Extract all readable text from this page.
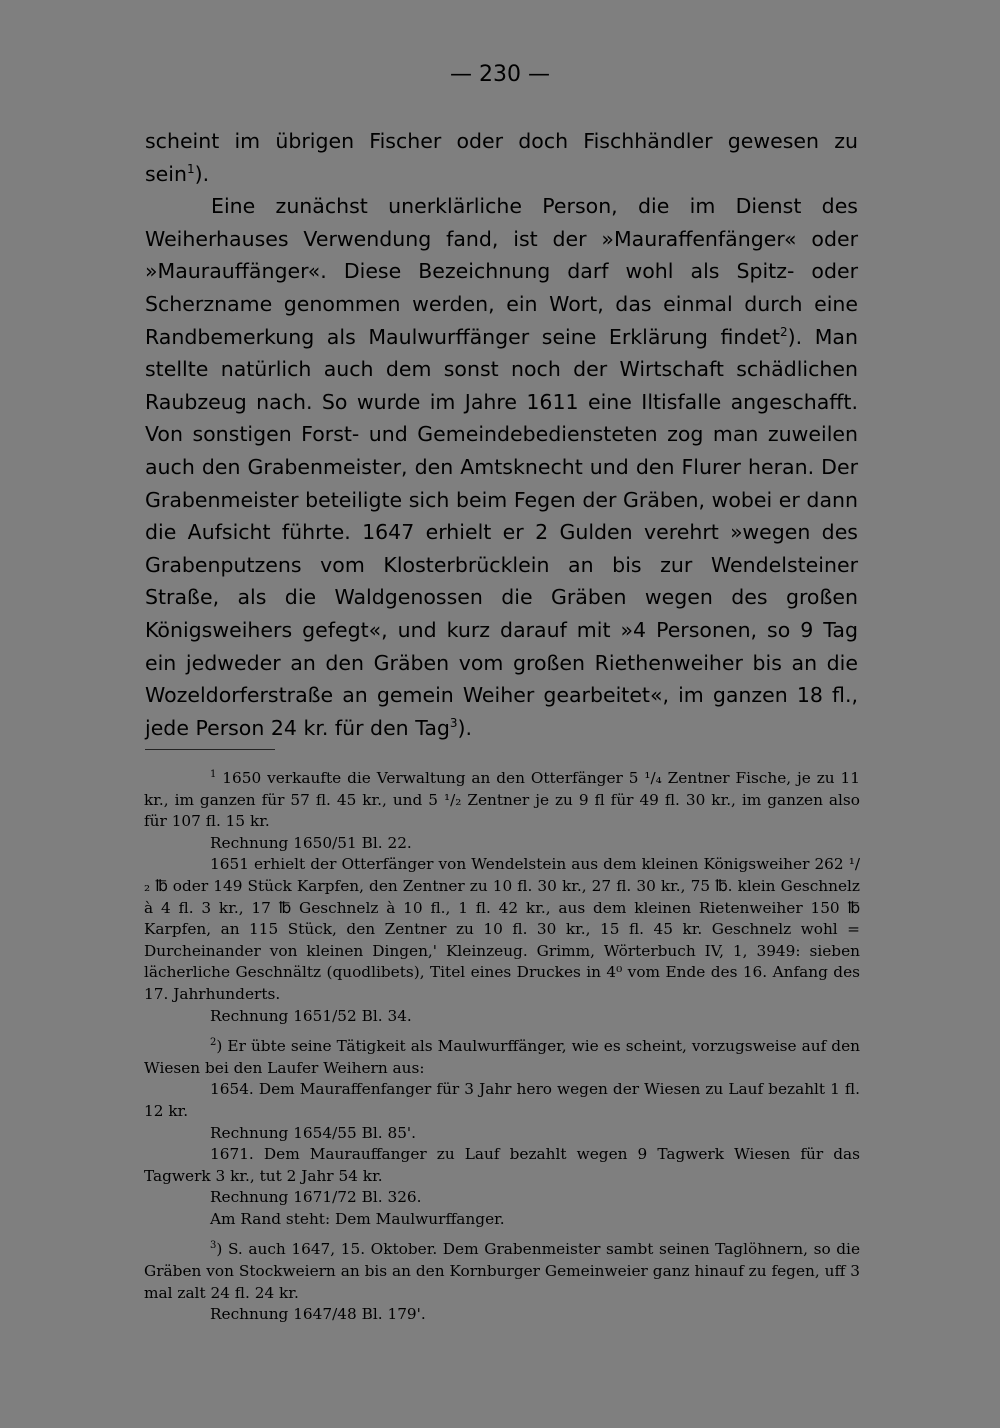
— 230 —

scheint im übrigen Fischer oder doch Fischhändler gewesen zu sein$^1$).

Eine zunächst unerklärliche Person, die im Dienst des Weiherhauses Verwendung fand, ist der »Mauraffenfänger« oder »Maurauffänger«. Diese Bezeichnung darf wohl als Spitz- oder Scherzname genommen werden, ein Wort, das einmal durch eine Randbemerkung als Maulwurffänger seine Erklärung findet$^2$). Man stellte natürlich auch dem sonst noch der Wirtschaft schädlichen Raubzeug nach. So wurde im Jahre 1611 eine Iltisfalle angeschafft. Von sonstigen Forst- und Gemeindebediensteten zog man zuweilen auch den Grabenmeister, den Amtsknecht und den Flurer heran. Der Grabenmeister beteiligte sich beim Fegen der Gräben, wobei er dann die Aufsicht führte. 1647 erhielt er 2 Gulden verehrt »wegen des Grabenputzens vom Klosterbrücklein an bis zur Wendelsteiner Straße, als die Waldgenossen die Gräben wegen des großen Königsweihers gefegt«, und kurz darauf mit »4 Personen, so 9 Tag ein jedweder an den Gräben vom großen Riethenweiher bis an die Wozeldorferstraße an gemein Weiher gearbeitet«, im ganzen 18 fl., jede Person 24 kr. für den Tag$^3$).

$^1$ 1650 verkaufte die Verwaltung an den Otterfänger 5 ¹/₄ Zentner Fische, je zu 11 kr., im ganzen für 57 fl. 45 kr., und 5 ¹/₂ Zentner je zu 9 fl für 49 fl. 30 kr., im ganzen also für 107 fl. 15 kr.

Rechnung 1650/51 Bl. 22.

1651 erhielt der Otterfänger von Wendelstein aus dem kleinen Königsweiher 262 ¹/₂ ℔ oder 149 Stück Karpfen, den Zentner zu 10 fl. 30 kr., 27 fl. 30 kr., 75 ℔. klein Geschnelz à 4 fl. 3 kr., 17 ℔ Geschnelz à 10 fl., 1 fl. 42 kr., aus dem kleinen Rietenweiher 150 ℔ Karpfen, an 115 Stück, den Zentner zu 10 fl. 30 kr., 15 fl. 45 kr. Geschnelz wohl = Durcheinander von kleinen Dingen,' Kleinzeug. Grimm, Wörterbuch IV, 1, 3949: sieben lächerliche Geschnältz (quodlibets), Titel eines Druckes in 4⁰ vom Ende des 16. Anfang des 17. Jahrhunderts.

Rechnung 1651/52 Bl. 34.

$^2$) Er übte seine Tätigkeit als Maulwurffänger, wie es scheint, vorzugsweise auf den Wiesen bei den Laufer Weihern aus:

1654. Dem Mauraffenfanger für 3 Jahr hero wegen der Wiesen zu Lauf bezahlt 1 fl. 12 kr.

Rechnung 1654/55 Bl. 85'.

1671. Dem Maurauffanger zu Lauf bezahlt wegen 9 Tagwerk Wiesen für das Tagwerk 3 kr., tut 2 Jahr 54 kr.

Rechnung 1671/72 Bl. 326.

Am Rand steht: Dem Maulwurffanger.

$^3$) S. auch 1647, 15. Oktober. Dem Grabenmeister sambt seinen Taglöhnern, so die Gräben von Stockweiern an bis an den Kornburger Gemeinweier ganz hinauf zu fegen, uff 3 mal zalt 24 fl. 24 kr.

Rechnung 1647/48 Bl. 179'.
